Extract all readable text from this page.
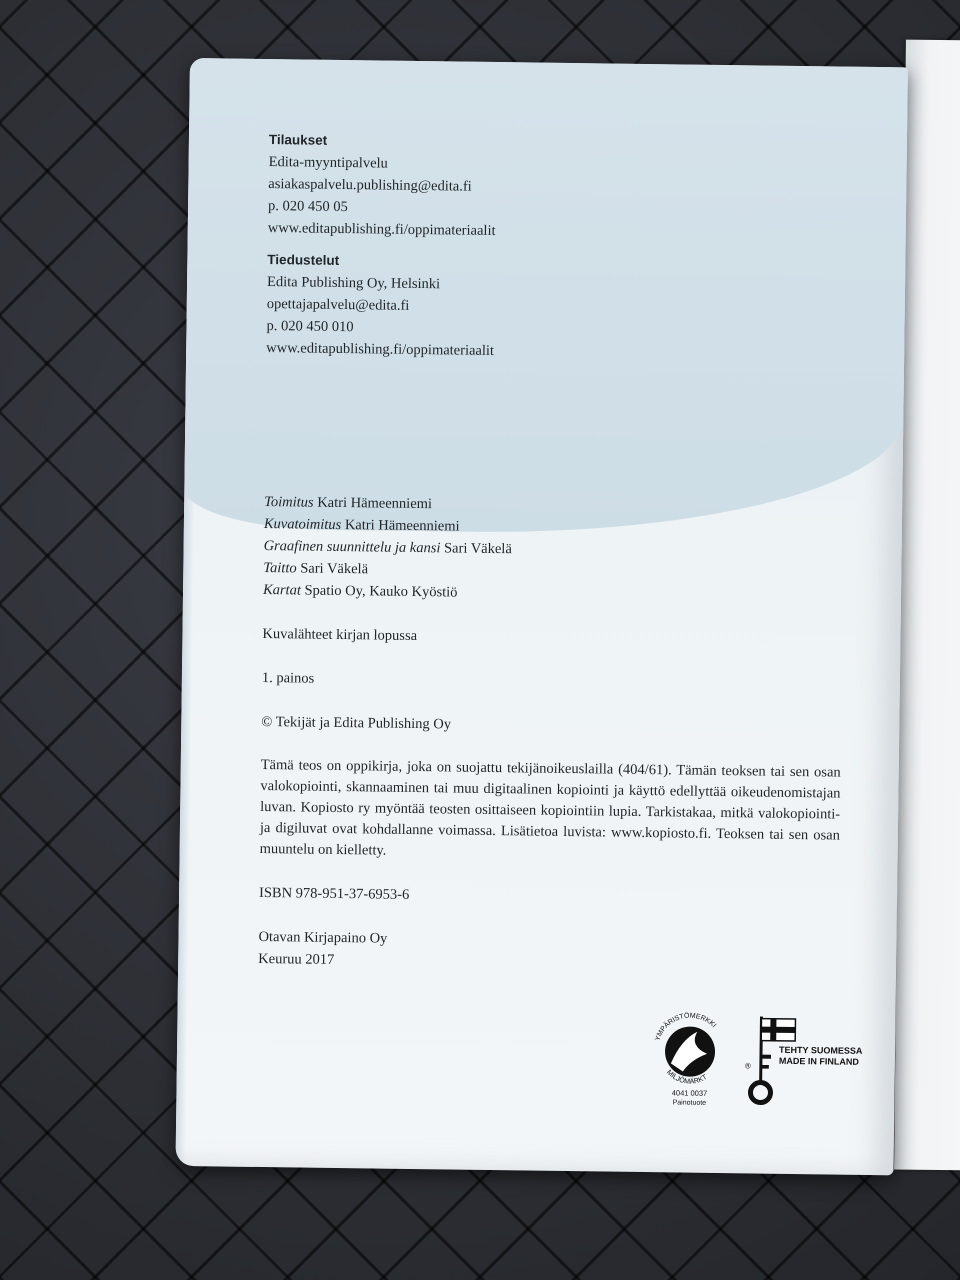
Tilaukset
Edita-myyntipalvelu
asiakaspalvelu.publishing@edita.fi
p. 020 450 05
www.editapublishing.fi/oppimateriaalit
Tiedustelut
Edita Publishing Oy, Helsinki
opettajapalvelu@edita.fi
p. 020 450 010
www.editapublishing.fi/oppimateriaalit
Toimitus Katri Hämeenniemi
Kuvatoimitus Katri Hämeenniemi
Graafinen suunnittelu ja kansi Sari Väkelä
Taitto Sari Väkelä
Kartat Spatio Oy, Kauko Kyöstiö
Kuvalähteet kirjan lopussa
1. painos
© Tekijät ja Edita Publishing Oy
Tämä teos on oppikirja, joka on suojattu tekijänoikeuslailla (404/61). Tämän teoksen tai sen osan valokopiointi, skannaaminen tai muu digitaalinen kopiointi ja käyttö edellyttää oikeudenomistajan luvan. Kopiosto ry myöntää teosten osittaiseen kopiointiin lupia. Tarkistakaa, mitkä valokopiointi- ja digiluvat ovat kohdallanne voimassa. Lisätietoa luvista: www.kopiosto.fi. Teoksen tai sen osan muuntelu on kielletty.
ISBN 978-951-37-6953-6
Otavan Kirjapaino Oy
Keuruu 2017
YMPÄRISTÖMERKKI
MILJÖMÄRKT
4041 0037
Painotuote
®
TEHTY SUOMESSA
MADE IN FINLAND
